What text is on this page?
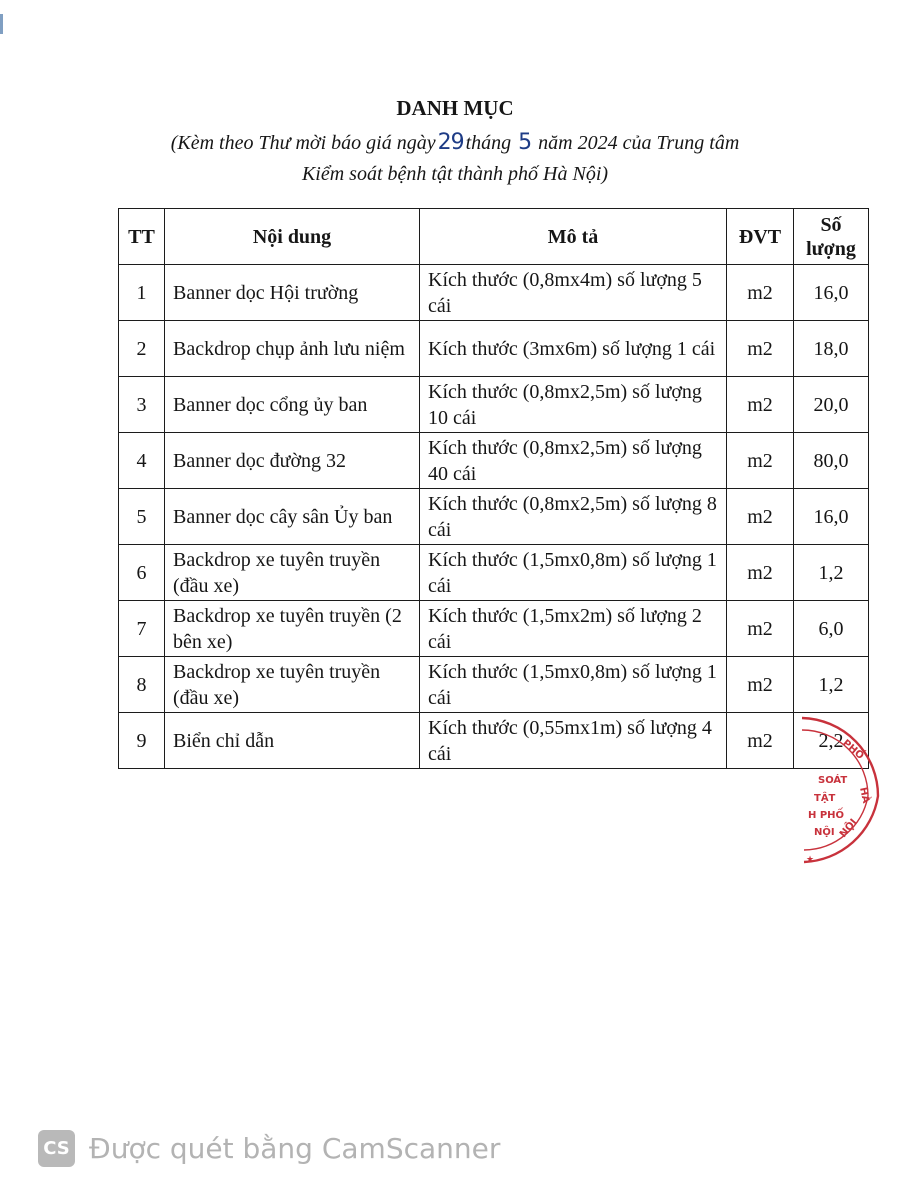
DANH MỤC
(Kèm theo Thư mời báo giá ngày29 tháng 5 năm 2024 của Trung tâm
Kiểm soát bệnh tật thành phố Hà Nội)
TT	Nội dung	Mô tả	ĐVT	Số
lượng
1	Banner dọc Hội trường	Kích thước (0,8mx4m) số lượng 5 cái	m2	16,0
2	Backdrop chụp ảnh lưu niệm	Kích thước (3mx6m) số lượng 1 cái	m2	18,0
3	Banner dọc cổng ủy ban	Kích thước (0,8mx2,5m) số lượng 10 cái	m2	20,0
4	Banner dọc đường 32	Kích thước (0,8mx2,5m) số lượng 40 cái	m2	80,0
5	Banner dọc cây sân Ủy ban	Kích thước (0,8mx2,5m) số lượng 8 cái	m2	16,0
6	Backdrop xe tuyên truyền (đầu xe)	Kích thước (1,5mx0,8m) số lượng 1 cái	m2	1,2
7	Backdrop xe tuyên truyền (2 bên xe)	Kích thước (1,5mx2m) số lượng 2 cái	m2	6,0
8	Backdrop xe tuyên truyền (đầu xe)	Kích thước (1,5mx0,8m) số lượng 1 cái	m2	1,2
9	Biển chỉ dẫn	Kích thước (0,55mx1m) số lượng 4 cái	m2	2,2
PHỐ
HÀ
NỘI
SOÁT
TẬT
H PHỐ
NỘI
★
CS Được quét bằng CamScanner
